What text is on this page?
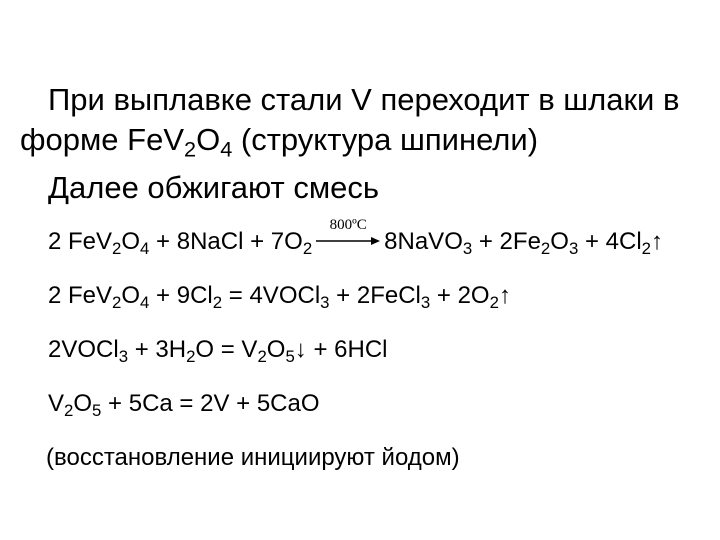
При выплавке стали V переходит в шлаки в
форме $FeV_2O_4$ (структура шпинели)
Далее обжигают смесь
2 $FeV_2O_4$ + 8NaCl + $7O_2$
800ºC
8NaVO$_3$ + $2Fe_2O_3$ + $4Cl_2↑$
2 $FeV_2O_4 + 9Cl_2$ = 4VOCl$_3$ + 2FeCl$_3$ + $2O_2↑$
2VOCl$_3$ + $3H_2O$ = $V_2O_5↓ + 6HCl$
$V_2O_5 + 5Ca = 2V + 5CaO$
(восстановление инициируют йодом)
